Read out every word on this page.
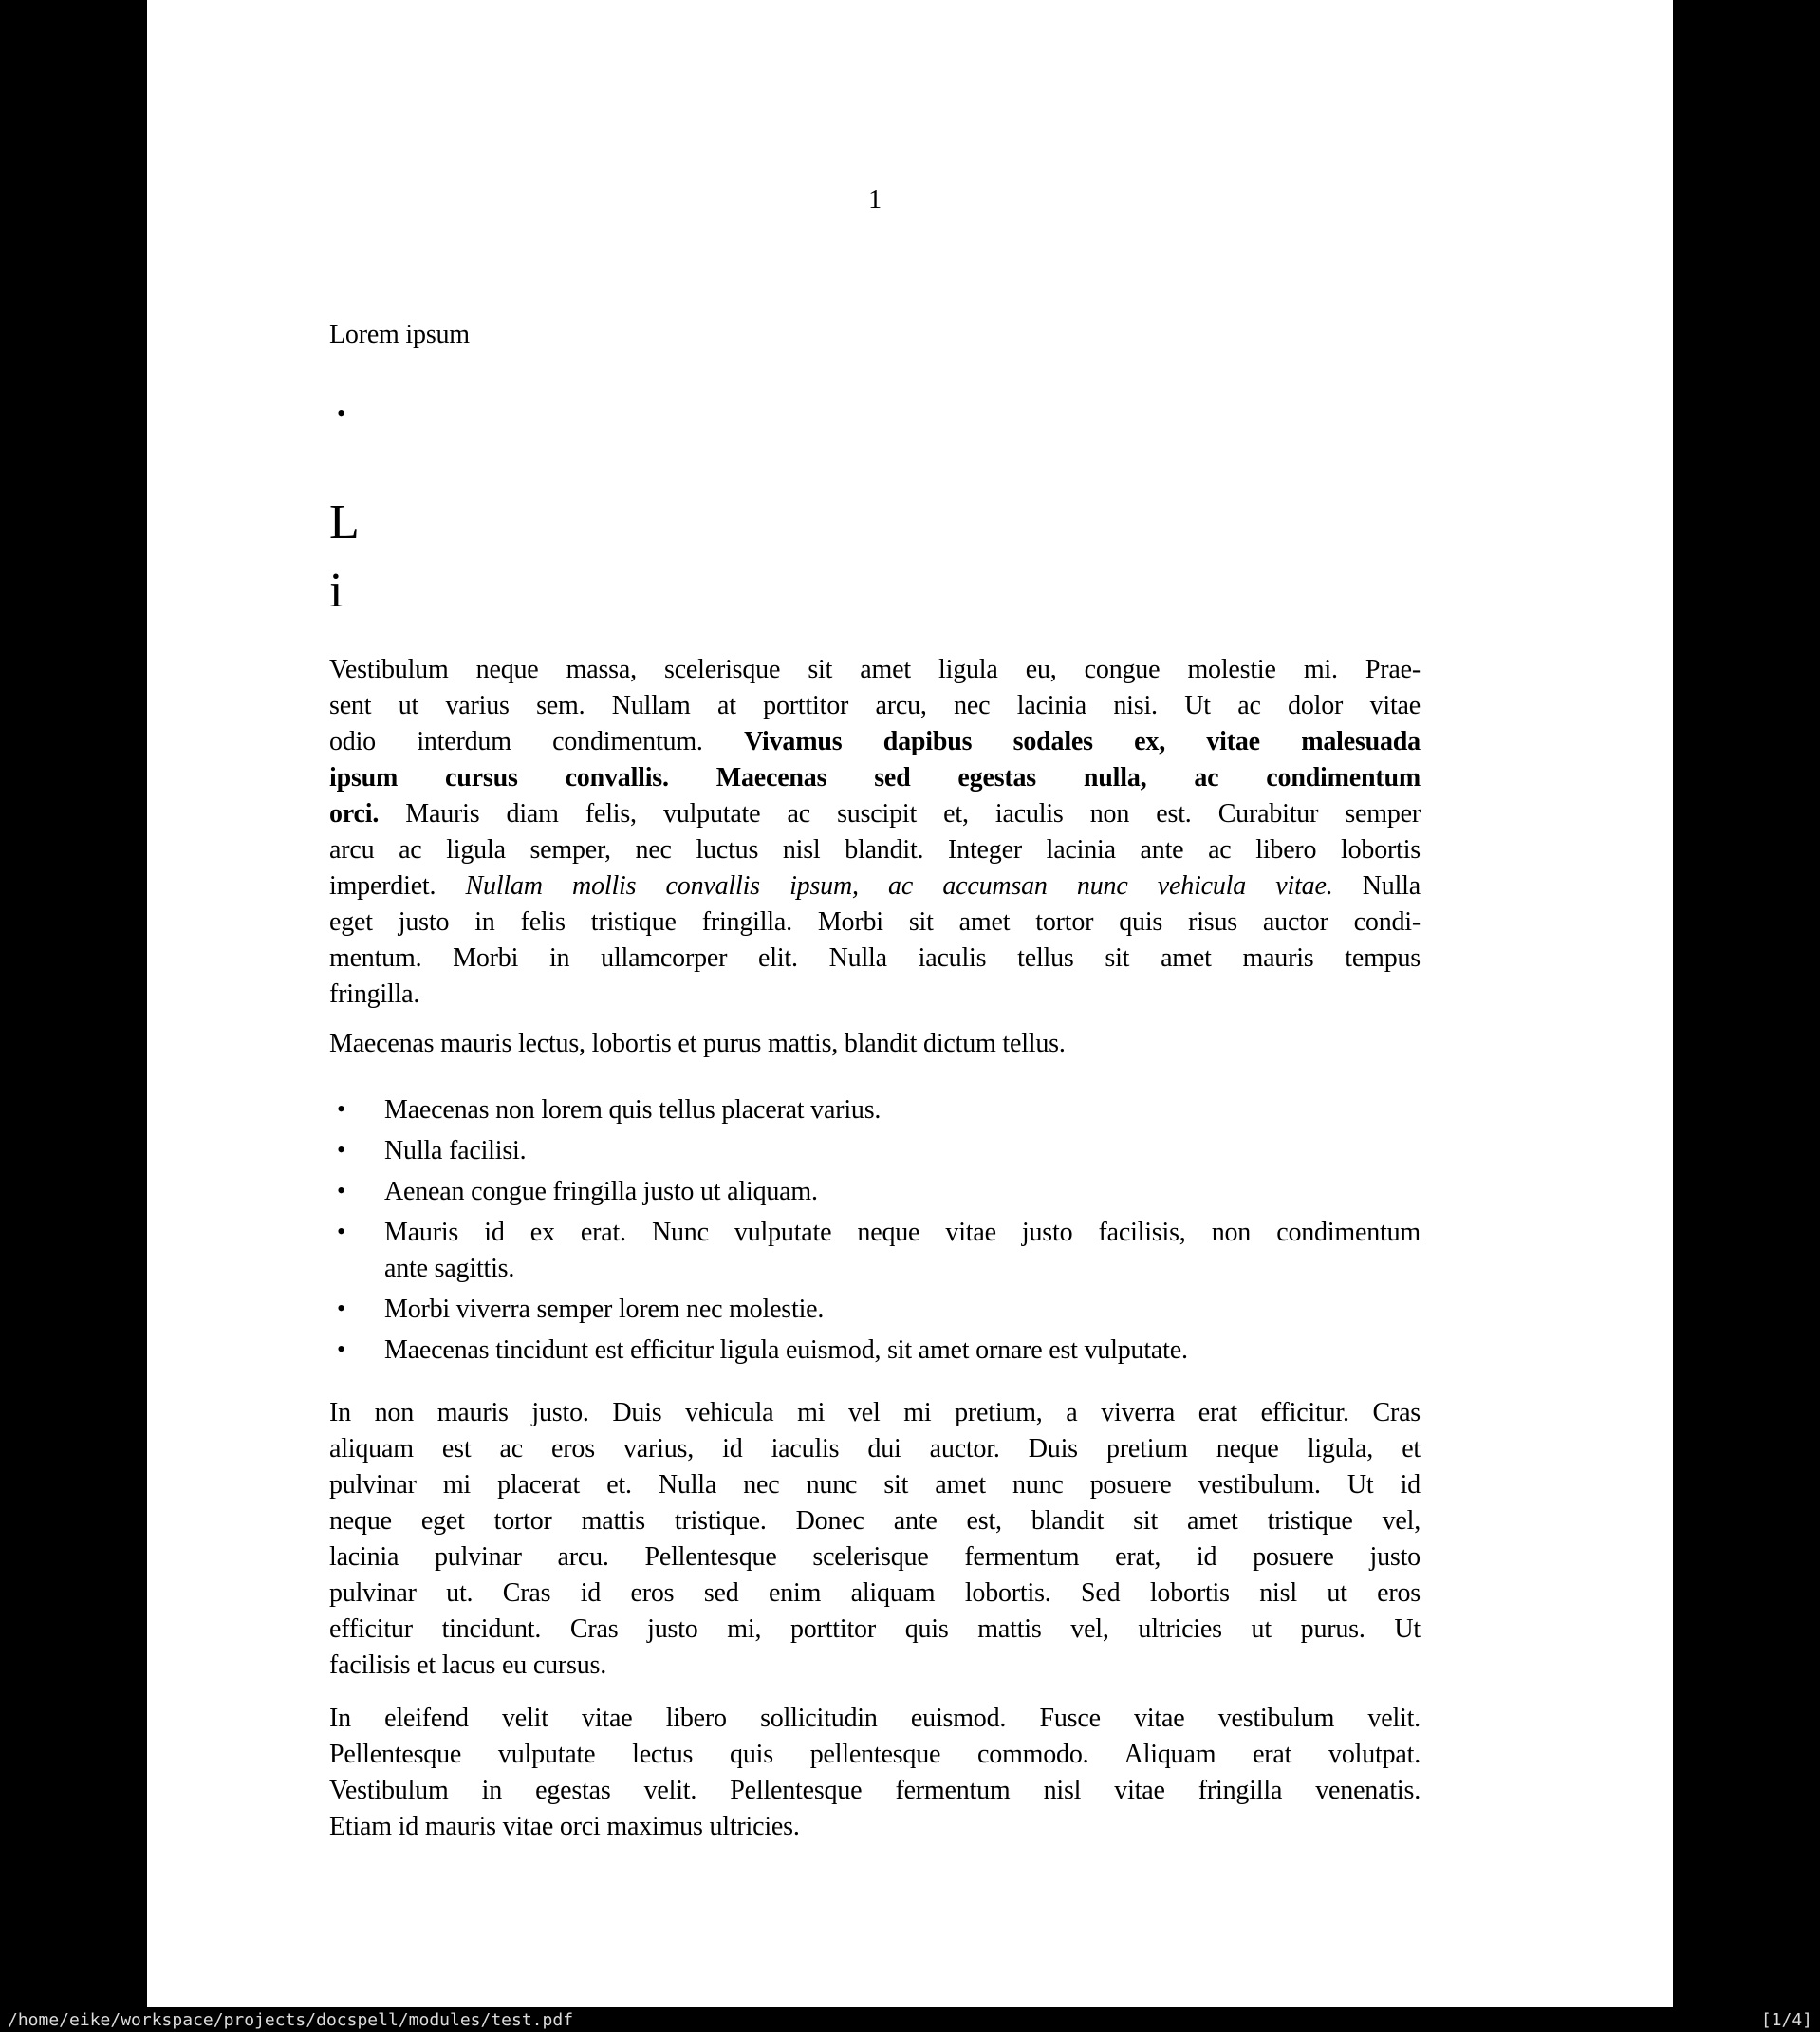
1
Lorem ipsum
•
L
i
Vestibulum neque massa, scelerisque sit amet ligula eu, congue molestie mi. Prae-
sent ut varius sem. Nullam at porttitor arcu, nec lacinia nisi. Ut ac dolor vitae
odio interdum condimentum. Vivamus dapibus sodales ex, vitae malesuada
ipsum cursus convallis. Maecenas sed egestas nulla, ac condimentum
orci. Mauris diam felis, vulputate ac suscipit et, iaculis non est. Curabitur semper
arcu ac ligula semper, nec luctus nisl blandit. Integer lacinia ante ac libero lobortis
imperdiet. Nullam mollis convallis ipsum, ac accumsan nunc vehicula vitae. Nulla
eget justo in felis tristique fringilla. Morbi sit amet tortor quis risus auctor condi-
mentum. Morbi in ullamcorper elit. Nulla iaculis tellus sit amet mauris tempus
fringilla.
Maecenas mauris lectus, lobortis et purus mattis, blandit dictum tellus.
• Maecenas non lorem quis tellus placerat varius.
• Nulla facilisi.
• Aenean congue fringilla justo ut aliquam.
• Mauris id ex erat. Nunc vulputate neque vitae justo facilisis, non condimentum
ante sagittis.
• Morbi viverra semper lorem nec molestie.
• Maecenas tincidunt est efficitur ligula euismod, sit amet ornare est vulputate.
In non mauris justo. Duis vehicula mi vel mi pretium, a viverra erat efficitur. Cras
aliquam est ac eros varius, id iaculis dui auctor. Duis pretium neque ligula, et
pulvinar mi placerat et. Nulla nec nunc sit amet nunc posuere vestibulum. Ut id
neque eget tortor mattis tristique. Donec ante est, blandit sit amet tristique vel,
lacinia pulvinar arcu. Pellentesque scelerisque fermentum erat, id posuere justo
pulvinar ut. Cras id eros sed enim aliquam lobortis. Sed lobortis nisl ut eros
efficitur tincidunt. Cras justo mi, porttitor quis mattis vel, ultricies ut purus. Ut
facilisis et lacus eu cursus.
In eleifend velit vitae libero sollicitudin euismod. Fusce vitae vestibulum velit.
Pellentesque vulputate lectus quis pellentesque commodo. Aliquam erat volutpat.
Vestibulum in egestas velit. Pellentesque fermentum nisl vitae fringilla venenatis.
Etiam id mauris vitae orci maximus ultricies.
/home/eike/workspace/projects/docspell/modules/test.pdf	[1/4]
